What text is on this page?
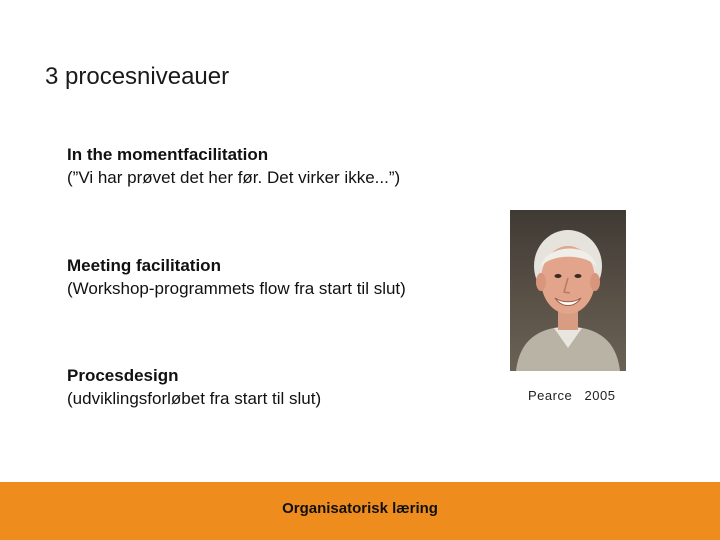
3 procesniveauer
In the momentfacilitation
(”Vi har prøvet det her før. Det virker ikke...”)
Meeting facilitation
(Workshop-programmets flow fra start til slut)
Procesdesign
(udviklingsforløbet fra start til slut)	Pearce   2005
Organisatorisk læring
